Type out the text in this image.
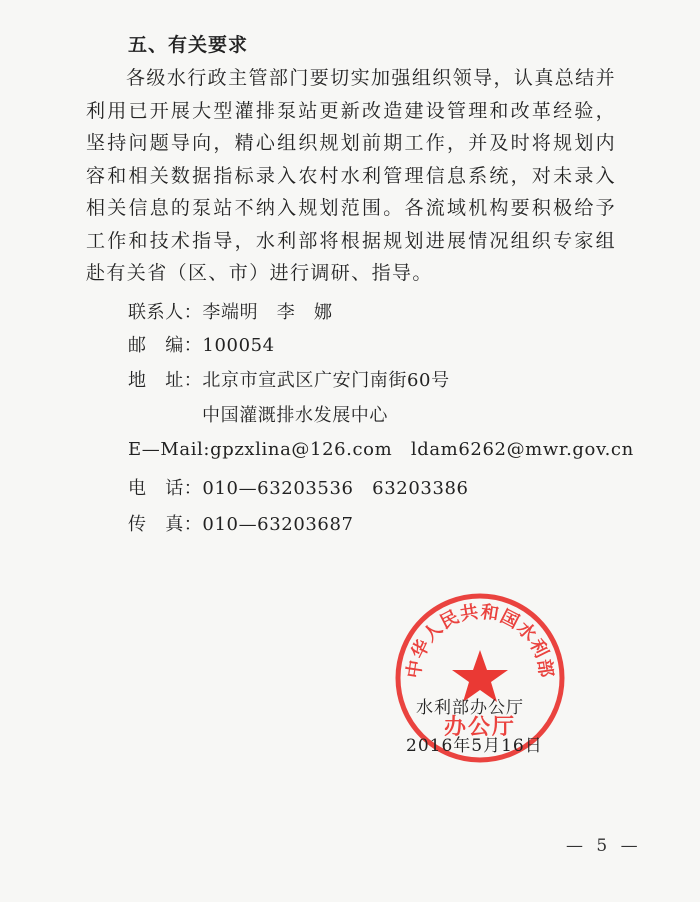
五、有关要求

各级水行政主管部门要切实加强组织领导，认真总结并利用已开展大型灌排泵站更新改造建设管理和改革经验，坚持问题导向，精心组织规划前期工作，并及时将规划内容和相关数据指标录入农村水利管理信息系统，对未录入相关信息的泵站不纳入规划范围。各流域机构要积极给予工作和技术指导，水利部将根据规划进展情况组织专家组赴有关省（区、市）进行调研、指导。

联系人：李端明　李　娜
邮　编：100054
地　址：北京市宣武区广安门南街60号
中国灌溉排水发展中心
E—Mail:gpzxlina@126.com　ldam6262@mwr.gov.cn
电　话：010—63203536　63203386
传　真：010—63203687
中华人民共和国水利部
办公厅
水利部办公厅
2016年5月16日
— 5 —
